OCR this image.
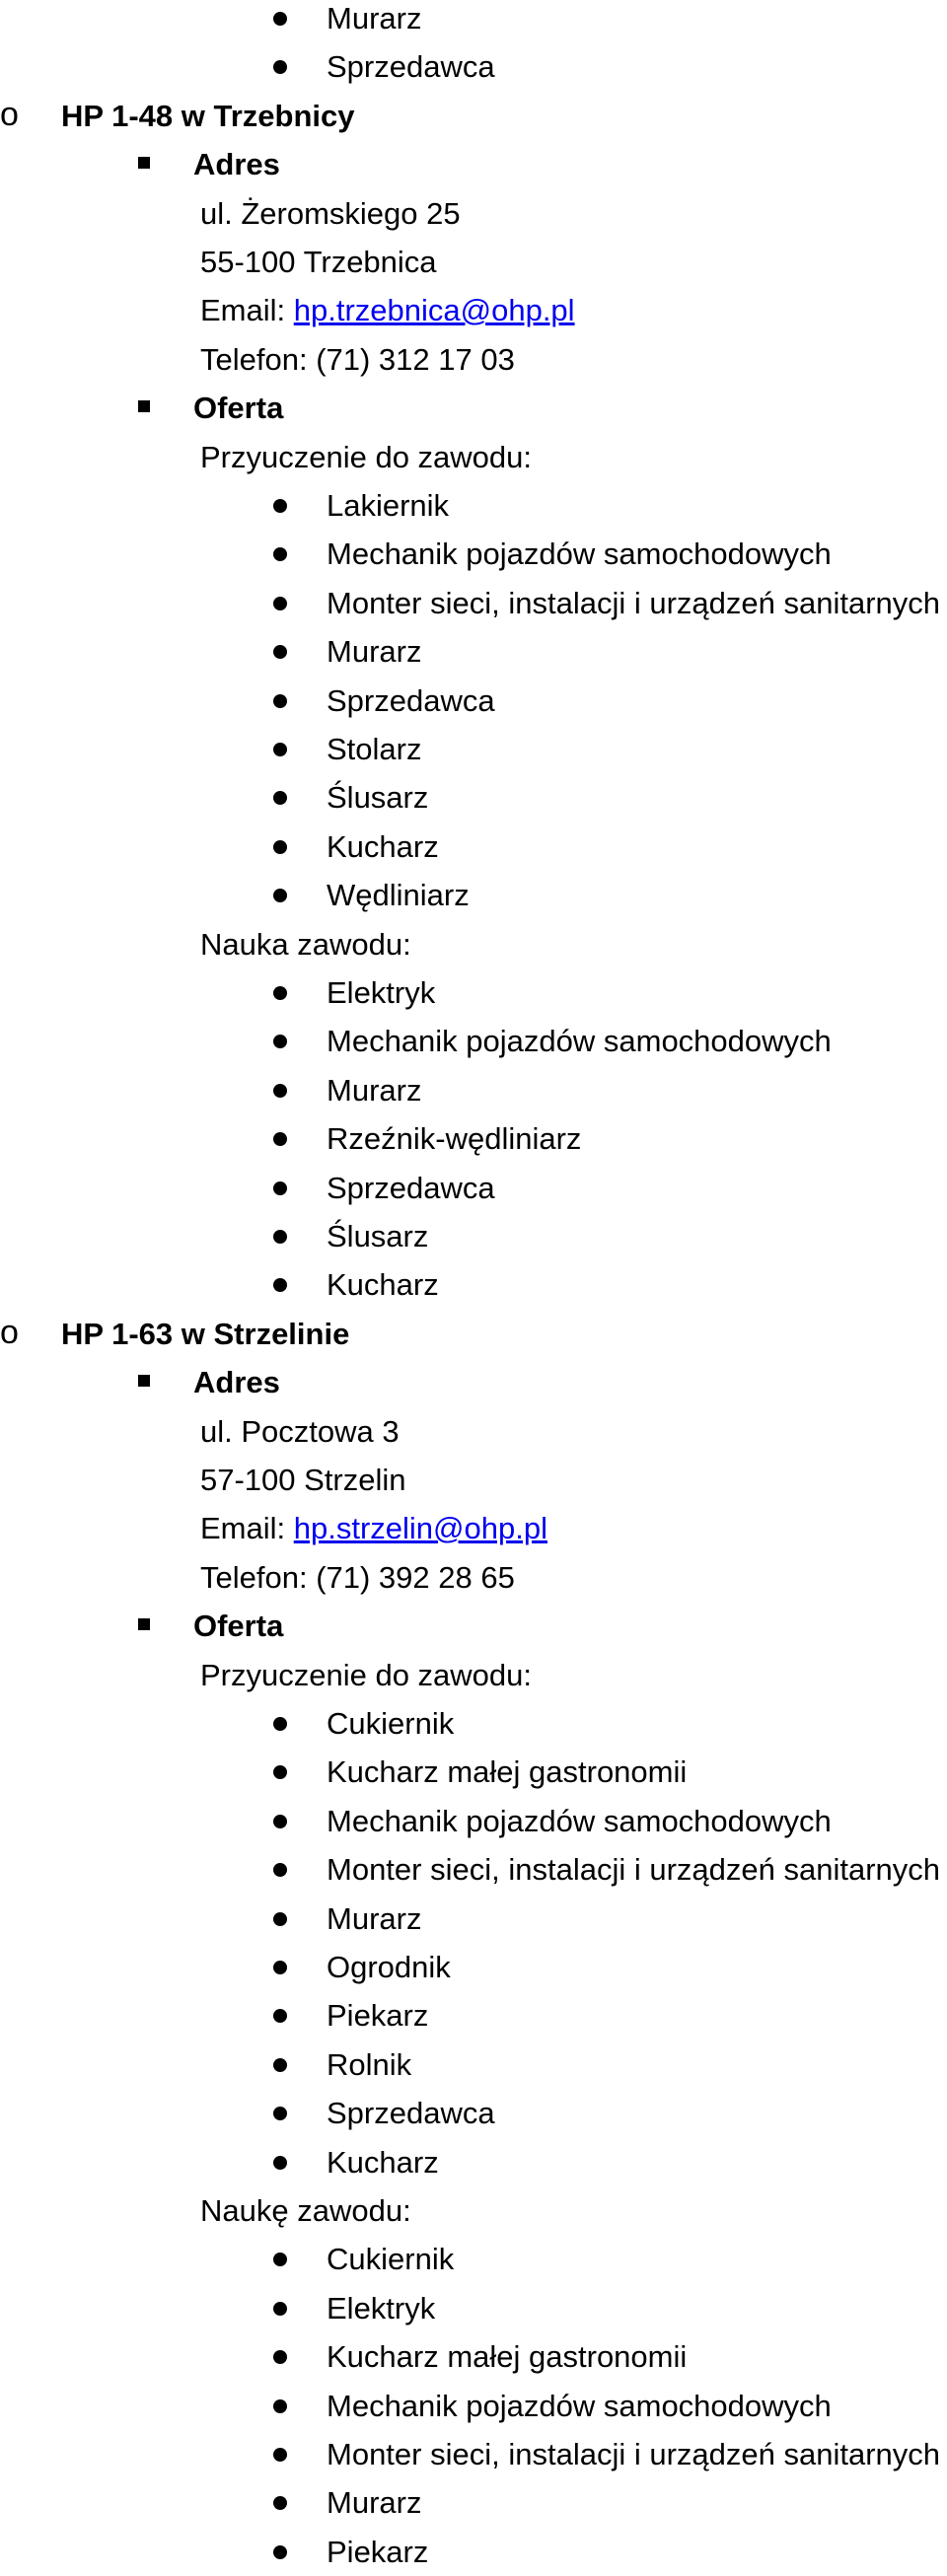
Murarz
Sprzedawca
o HP 1-48 w Trzebnicy
Adres
ul. Żeromskiego 25
55-100 Trzebnica
Email: hp.trzebnica@ohp.pl
Telefon: (71) 312 17 03
Oferta
Przyuczenie do zawodu:
Lakiernik
Mechanik pojazdów samochodowych
Monter sieci, instalacji i urządzeń sanitarnych
Murarz
Sprzedawca
Stolarz
Ślusarz
Kucharz
Wędliniarz
Nauka zawodu:
Elektryk
Mechanik pojazdów samochodowych
Murarz
Rzeźnik-wędliniarz
Sprzedawca
Ślusarz
Kucharz
o HP 1-63 w Strzelinie
Adres
ul. Pocztowa 3
57-100 Strzelin
Email: hp.strzelin@ohp.pl
Telefon: (71) 392 28 65
Oferta
Przyuczenie do zawodu:
Cukiernik
Kucharz małej gastronomii
Mechanik pojazdów samochodowych
Monter sieci, instalacji i urządzeń sanitarnych
Murarz
Ogrodnik
Piekarz
Rolnik
Sprzedawca
Kucharz
Naukę zawodu:
Cukiernik
Elektryk
Kucharz małej gastronomii
Mechanik pojazdów samochodowych
Monter sieci, instalacji i urządzeń sanitarnych
Murarz
Piekarz
